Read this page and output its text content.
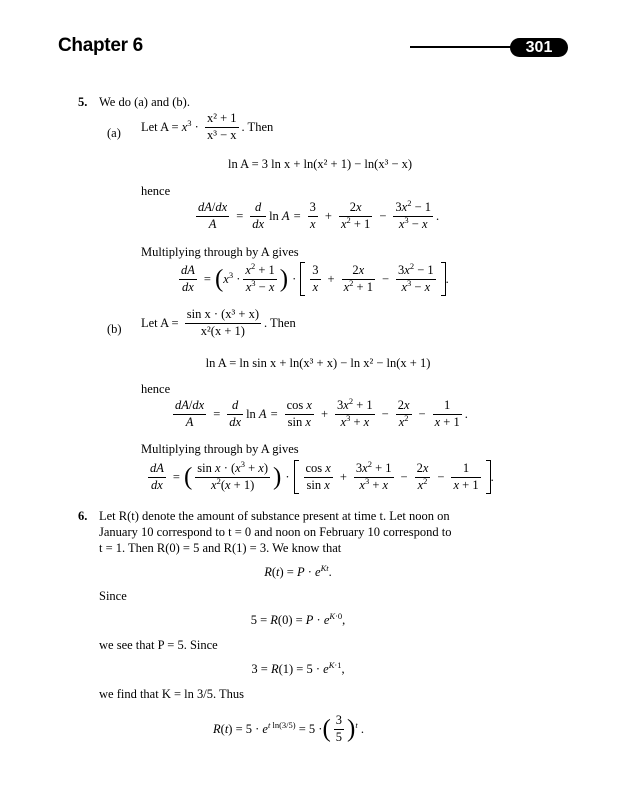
Chapter 6	301
5. We do (a) and (b).
(a) Let $A = x^3 \cdot \frac{\text{x² + 1}}{\text{x³ − x}}$ . Then
ln A = 3 ln x + ln(x² + 1) − ln(x³ − x)
hence
$\frac{dA/dx}{A} = \frac{d}{dx}$ $\ln A = \frac{3}{x} + \frac{2x}{x^2 + 1} - \frac{3x^2 - 1}{x^3 - x}$ .
Multiplying through by A gives
$\frac{dA}{dx} = (x^3 \cdot \frac{x^2 + 1}{x^3 - x}$ ) · $\frac{3}{x} + \frac{2x}{x^2 + 1} - \frac{3x^2 - 1}{x^3 - x}$ .
(b) Let $A = \frac{\text{sin x · (x³ + x)}}{\text{x²(x + 1)}}$ . Then
ln A = ln sin x + ln(x³ + x) − ln x² − ln(x + 1)
hence
$\frac{dA/dx}{A} = \frac{d}{dx}$ $\ln A = \frac{\text{cos x}}{\text{sin x}} + \frac{3x^2 + 1}{x^3 + x} - \frac{2x}{x^2} - \frac{1}{x + 1}$ .
Multiplying through by A gives
$\frac{dA}{dx}$ = ( $\frac{\sin x \cdot (x^3 + x)}{x^2(x + 1)}$ ) · $\frac{\text{cos x}}{\text{sin x}} + \frac{3x^2 + 1}{x^3 + x} - \frac{2x}{x^2} - \frac{1}{x + 1}$ .
6. Let R(t) denote the amount of substance present at time t. Let noon on
January 10 correspond to t = 0 and noon on February 10 correspond to
t = 1. Then R(0) = 5 and R(1) = 3. We know that
$R(t) = P \cdot e^{Kt}$.
Since
$5 = R(0) = P \cdot e^{K\cdot 0}$,
we see that P = 5. Since
$3 = R(1) = 5 \cdot e^{K\cdot 1}$,
we find that K = ln 3/5. Thus
$R(t) = 5 \cdot e^{t ln(3/5)} = 5$ ·( $\frac{3}{5} )^t$ .
